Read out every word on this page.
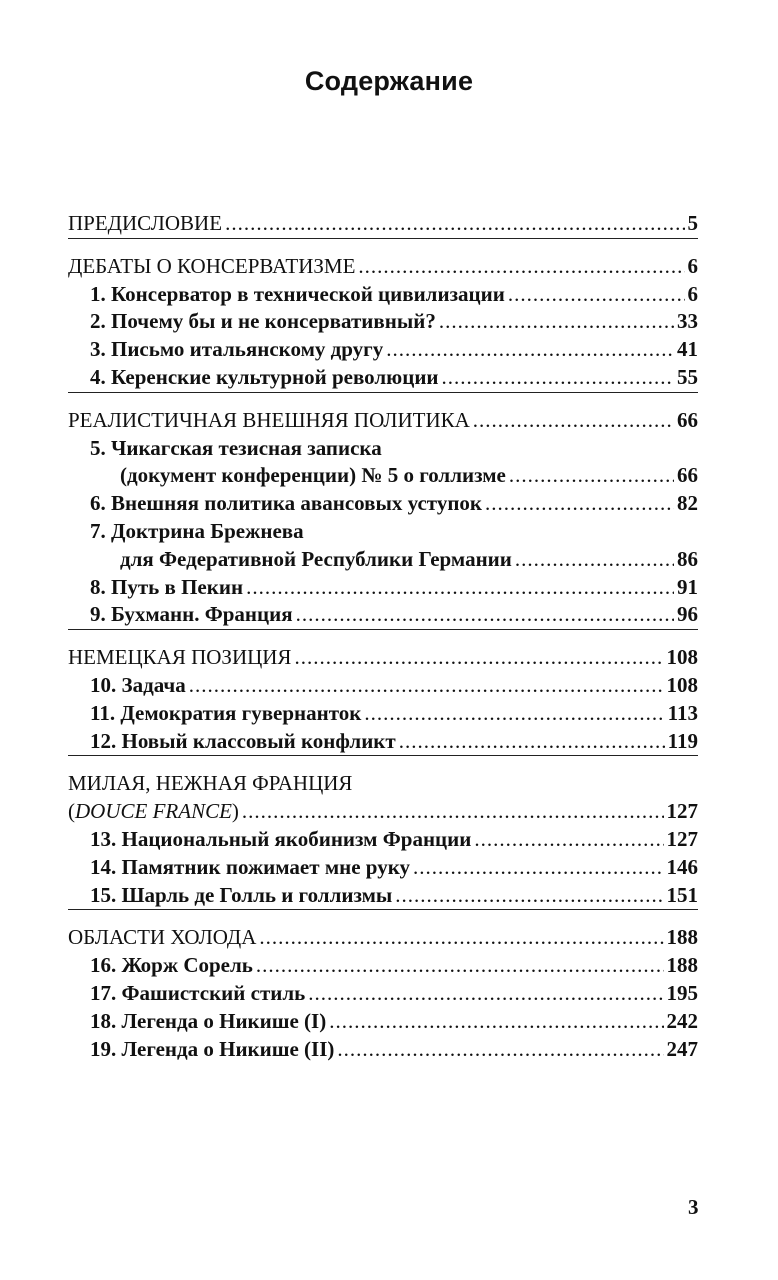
Содержание
ПРЕДИСЛОВИЕ .....	5
ДЕБАТЫ О КОНСЕРВАТИЗМЕ .....	6
1. Консерватор в технической цивилизации .....	6
2. Почему бы и не консервативный? .....	33
3. Письмо итальянскому другу .....	41
4. Керенские культурной революции .....	55
РЕАЛИСТИЧНАЯ ВНЕШНЯЯ ПОЛИТИКА .....	66
5. Чикагская тезисная записка
(документ конференции) № 5 о голлизме .....	66
6. Внешняя политика авансовых уступок .....	82
7. Доктрина Брежнева
для Федеративной Республики Германии .....	86
8. Путь в Пекин .....	91
9. Бухманн. Франция .....	96
НЕМЕЦКАЯ ПОЗИЦИЯ .....	108
10. Задача .....	108
11. Демократия гувернанток .....	113
12. Новый классовый конфликт .....	119
МИЛАЯ, НЕЖНАЯ ФРАНЦИЯ
(DOUCE FRANCE) .....	127
13. Национальный якобинизм Франции .....	127
14. Памятник пожимает мне руку .....	146
15. Шарль де Голль и голлизмы .....	151
ОБЛАСТИ ХОЛОДА .....	188
16. Жорж Сорель .....	188
17. Фашистский стиль .....	195
18. Легенда о Никише (I) .....	242
19. Легенда о Никише (II) .....	247
3
